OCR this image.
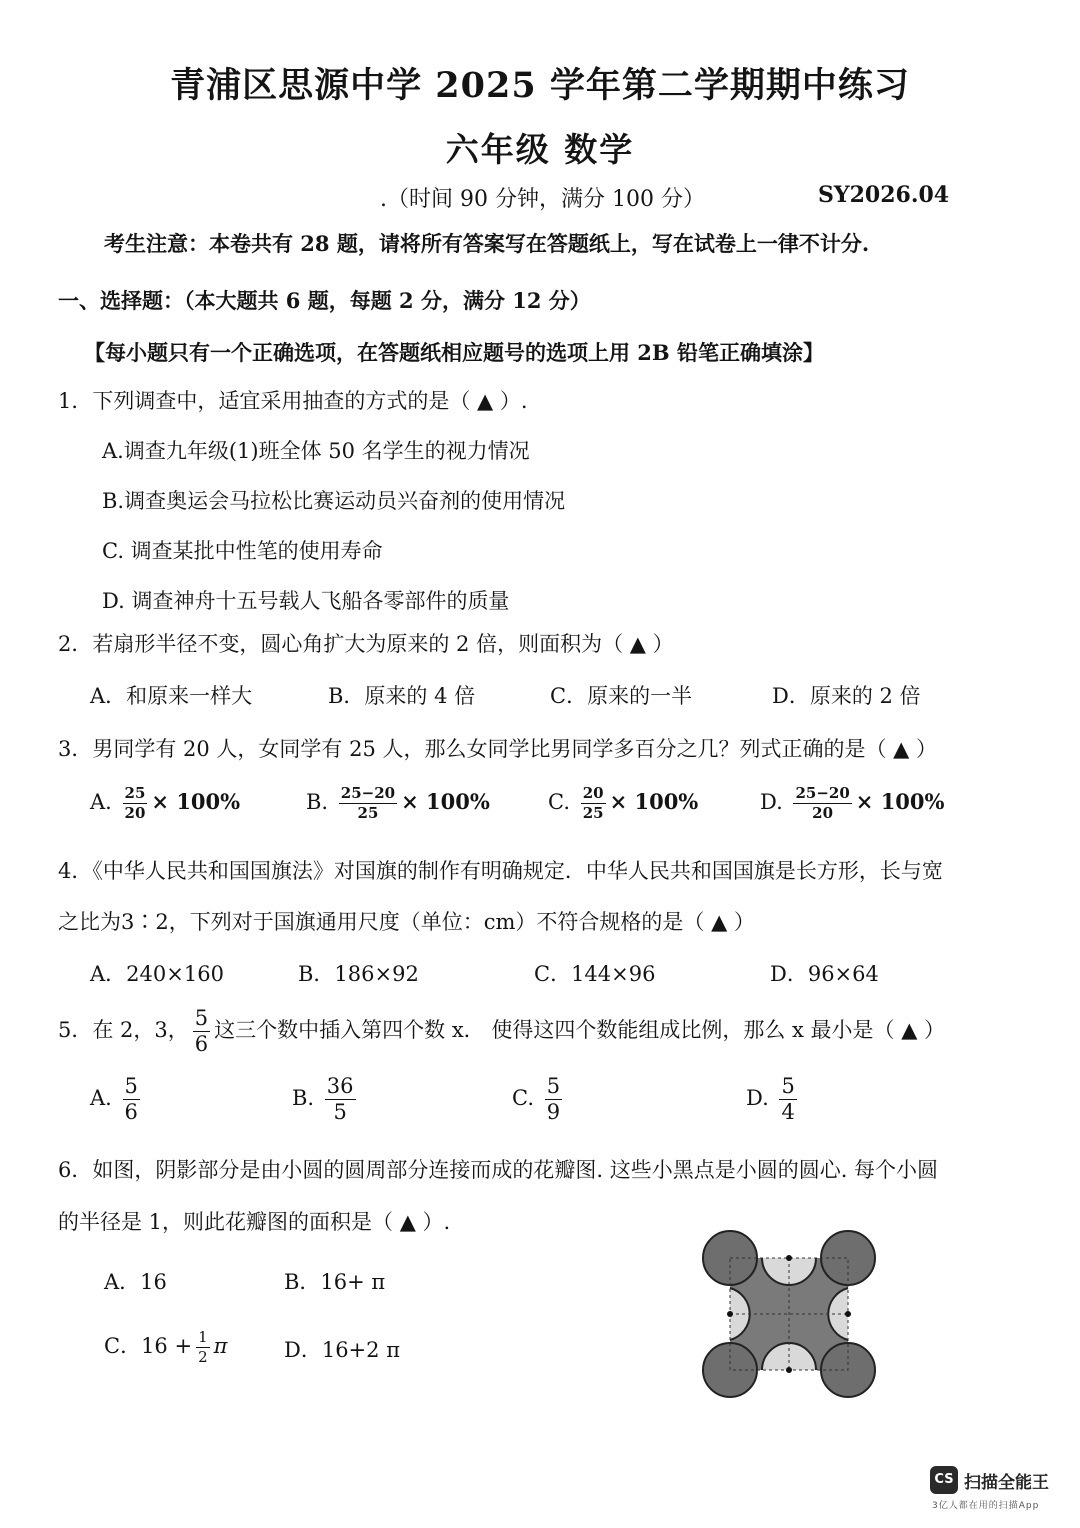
青浦区思源中学 2025 学年第二学期期中练习
六年级 数学
.（时间 90 分钟，满分 100 分）	SY2026.04
考生注意：本卷共有 28 题，请将所有答案写在答题纸上，写在试卷上一律不计分.
一、选择题：（本大题共 6 题，每题 2 分，满分 12 分）
【每小题只有一个正确选项，在答题纸相应题号的选项上用 2B 铅笔正确填涂】
1．下列调查中，适宜采用抽查的方式的是（ ▲ ）.
A.调查九年级(1)班全体 50 名学生的视力情况
B.调查奥运会马拉松比赛运动员兴奋剂的使用情况
C. 调查某批中性笔的使用寿命
D. 调查神舟十五号载人飞船各零部件的质量
2．若扇形半径不变，圆心角扩大为原来的 2 倍，则面积为（ ▲ ）
A．和原来一样大	B．原来的 4 倍	C．原来的一半	D．原来的 2 倍
3．男同学有 20 人，女同学有 25 人，那么女同学比男同学多百分之几？列式正确的是（ ▲ ）
A. $\frac{25}{20} \times 100\%$	B. $\frac{25-20}{25} \times 100\%$	C. $\frac{20}{25} \times 100\%$	D. $\frac{25-20}{20} \times 100\%$
4．《中华人民共和国国旗法》对国旗的制作有明确规定．中华人民共和国国旗是长方形，长与宽
之比为3∶2，下列对于国旗通用尺度（单位：cm）不符合规格的是（ ▲ ）
A．240×160	B．186×92	C．144×96	D．96×64
5．在 2，3， $\frac{5}{6}$ 这三个数中插入第四个数 x． 使得这四个数能组成比例，那么 x 最小是（ ▲ ）
A. $\frac{5}{6}$	B. $\frac{36}{5}$	C. $\frac{5}{9}$	D. $\frac{5}{4}$
6．如图，阴影部分是由小圆的圆周部分连接而成的花瓣图. 这些小黑点是小圆的圆心. 每个小圆
的半径是 1，则此花瓣图的面积是（ ▲ ）.
A．16	B．16+ π
C．$16 + \frac{1}{2}$ π	D．16+2 π
CS 扫描全能王
3亿人都在用的扫描App
